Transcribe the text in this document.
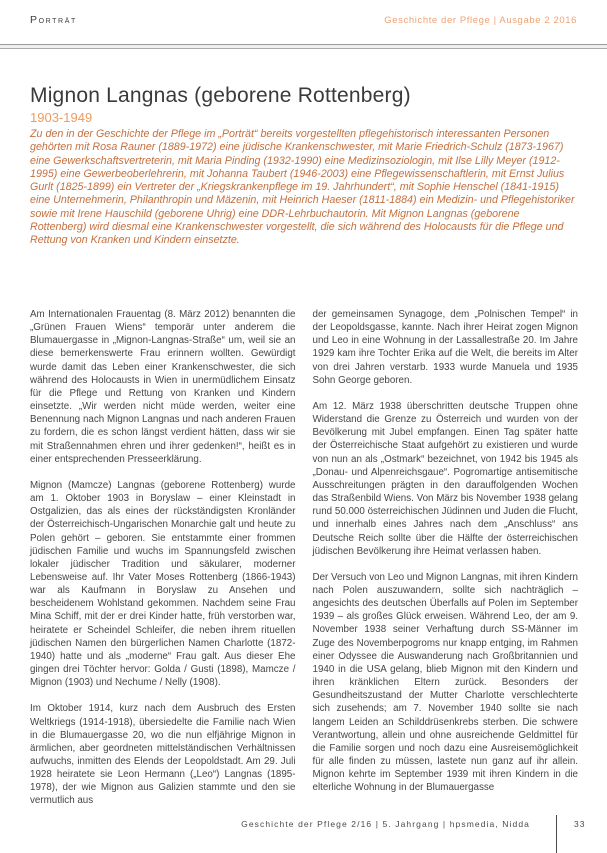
Porträt	Geschichte der Pflege | Ausgabe 2 2016
Mignon Langnas (geborene Rottenberg)
1903-1949

Zu den in der Geschichte der Pflege im „Porträt“ bereits vorgestellten pflegehistorisch interessanten Personen gehörten mit Rosa Rauner (1889-1972) eine jüdische Krankenschwester, mit Marie Friedrich-Schulz (1873-1967) eine Gewerkschaftsvertreterin, mit Maria Pinding (1932-1990) eine Medizinsoziologin, mit Ilse Lilly Meyer (1912-1995) eine Gewerbeoberlehrerin, mit Johanna Taubert (1946-2003) eine Pflegewissenschaftlerin, mit Ernst Julius Gurlt (1825-1899) ein Vertreter der „Kriegskrankenpflege im 19. Jahrhundert“, mit Sophie Henschel (1841-1915) eine Unternehmerin, Philanthropin und Mäzenin, mit Heinrich Haeser (1811-1884) ein Medizin- und Pflegehistoriker sowie mit Irene Hauschild (geborene Uhrig) eine DDR-Lehrbuchautorin. Mit Mignon Langnas (geborene Rottenberg) wird diesmal eine Krankenschwester vorgestellt, die sich während des Holocausts für die Pflege und Rettung von Kranken und Kindern einsetzte.

Am Internationalen Frauentag (8. März 2012) benannten die „Grünen Frauen Wiens“ temporär unter anderem die Blumauergasse in „Mignon-Langnas-Straße“ um, weil sie an diese bemerkenswerte Frau erinnern wollten. Gewürdigt wurde damit das Leben einer Krankenschwester, die sich während des Holocausts in Wien in unermüdlichem Einsatz für die Pflege und Rettung von Kranken und Kindern einsetzte. „Wir werden nicht müde werden, weiter eine Benennung nach Mignon Langnas und nach anderen Frauen zu fordern, die es schon längst verdient hätten, dass wir sie mit Straßennahmen ehren und ihrer gedenken!“, heißt es in einer entsprechenden Presseerklärung.

Mignon (Mamcze) Langnas (geborene Rottenberg) wurde am 1. Oktober 1903 in Boryslaw – einer Kleinstadt in Ostgalizien, das als eines der rückständigsten Kronländer der Österreichisch-Ungarischen Monarchie galt und heute zu Polen gehört – geboren. Sie entstammte einer frommen jüdischen Familie und wuchs im Spannungsfeld zwischen lokaler jüdischer Tradition und säkularer, moderner Lebensweise auf. Ihr Vater Moses Rottenberg (1866-1943) war als Kaufmann in Boryslaw zu Ansehen und bescheidenem Wohlstand gekommen. Nachdem seine Frau Mina Schiff, mit der er drei Kinder hatte, früh verstorben war, heiratete er Scheindel Schleifer, die neben ihrem rituellen jüdischen Namen den bürgerlichen Namen Charlotte (1872-1940) hatte und als „moderne“ Frau galt. Aus dieser Ehe gingen drei Töchter hervor: Golda / Gusti (1898), Mamcze / Mignon (1903) und Nechume / Nelly (1908).

Im Oktober 1914, kurz nach dem Ausbruch des Ersten Weltkriegs (1914-1918), übersiedelte die Familie nach Wien in die Blumauergasse 20, wo die nun elfjährige Mignon in ärmlichen, aber geordneten mittelständischen Verhältnissen aufwuchs, inmitten des Elends der Leopoldstadt. Am 29. Juli 1928 heiratete sie Leon Hermann („Leo“) Langnas (1895-1978), der wie Mignon aus Galizien stammte und den sie vermutlich aus

der gemeinsamen Synagoge, dem „Polnischen Tempel“ in der Leopoldsgasse, kannte. Nach ihrer Heirat zogen Mignon und Leo in eine Wohnung in der Lassallestraße 20. Im Jahre 1929 kam ihre Tochter Erika auf die Welt, die bereits im Alter von drei Jahren verstarb. 1933 wurde Manuela und 1935 Sohn George geboren.

Am 12. März 1938 überschritten deutsche Truppen ohne Widerstand die Grenze zu Österreich und wurden von der Bevölkerung mit Jubel empfangen. Einen Tag später hatte der Österreichische Staat aufgehört zu existieren und wurde von nun an als „Ostmark“ bezeichnet, von 1942 bis 1945 als „Donau- und Alpenreichsgaue“. Pogromartige antisemitische Ausschreitungen prägten in den darauffolgenden Wochen das Straßenbild Wiens. Von März bis November 1938 gelang rund 50.000 österreichischen Jüdinnen und Juden die Flucht, und innerhalb eines Jahres nach dem „Anschluss“ ans Deutsche Reich sollte über die Hälfte der österreichischen jüdischen Bevölkerung ihre Heimat verlassen haben.

Der Versuch von Leo und Mignon Langnas, mit ihren Kindern nach Polen auszuwandern, sollte sich nachträglich – angesichts des deutschen Überfalls auf Polen im September 1939 – als großes Glück erweisen. Während Leo, der am 9. November 1938 seiner Verhaftung durch SS-Männer im Zuge des Novemberpogroms nur knapp entging, im Rahmen einer Odyssee die Auswanderung nach Großbritannien und 1940 in die USA gelang, blieb Mignon mit den Kindern und ihren kränklichen Eltern zurück. Besonders der Gesundheitszustand der Mutter Charlotte verschlechterte sich zusehends; am 7. November 1940 sollte sie nach langem Leiden an Schilddrüsenkrebs sterben. Die schwere Verantwortung, allein und ohne ausreichende Geldmittel für die Familie sorgen und noch dazu eine Ausreisemöglichkeit für alle finden zu müssen, lastete nun ganz auf ihr allein. Mignon kehrte im September 1939 mit ihren Kindern in die elterliche Wohnung in der Blumauergasse

Geschichte der Pflege 2/16 | 5. Jahrgang | hpsmedia, Nidda	33
